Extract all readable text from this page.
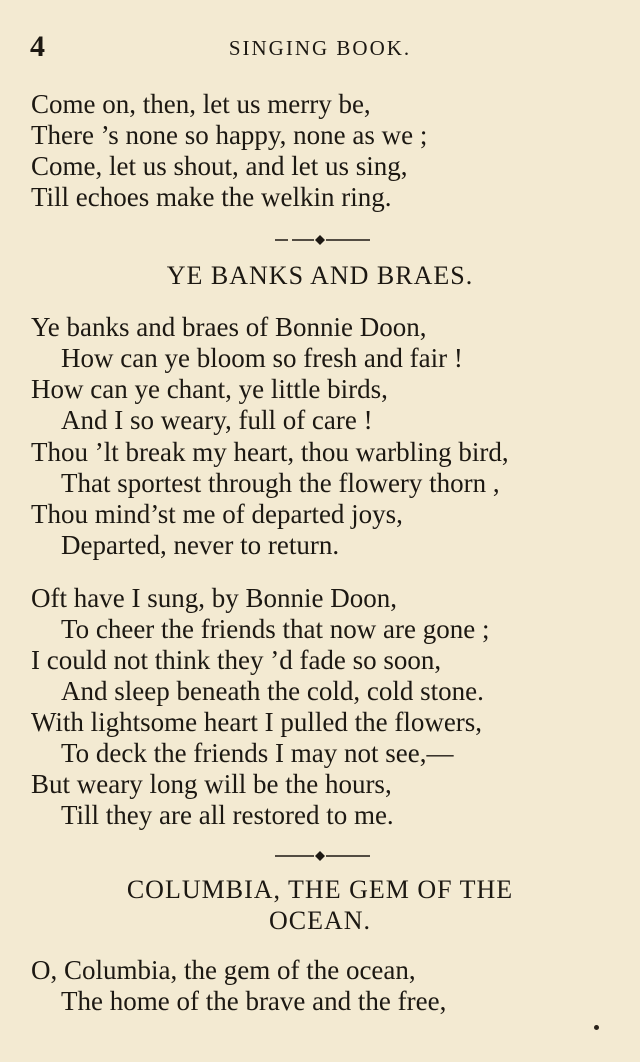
4	SINGING BOOK.
Come on, then, let us merry be,
There ’s none so happy, none as we ;
Come, let us shout, and let us sing,
Till echoes make the welkin ring.
YE BANKS AND BRAES.
Ye banks and braes of Bonnie Doon,
How can ye bloom so fresh and fair !
How can ye chant, ye little birds,
And I so weary, full of care !
Thou ’lt break my heart, thou warbling bird,
That sportest through the flowery thorn ,
Thou mind’st me of departed joys,
Departed, never to return.
Oft have I sung, by Bonnie Doon,
To cheer the friends that now are gone ;
I could not think they ’d fade so soon,
And sleep beneath the cold, cold stone.
With lightsome heart I pulled the flowers,
To deck the friends I may not see,—
But weary long will be the hours,
Till they are all restored to me.
COLUMBIA, THE GEM OF THE
OCEAN.
O, Columbia, the gem of the ocean,
The home of the brave and the free,
